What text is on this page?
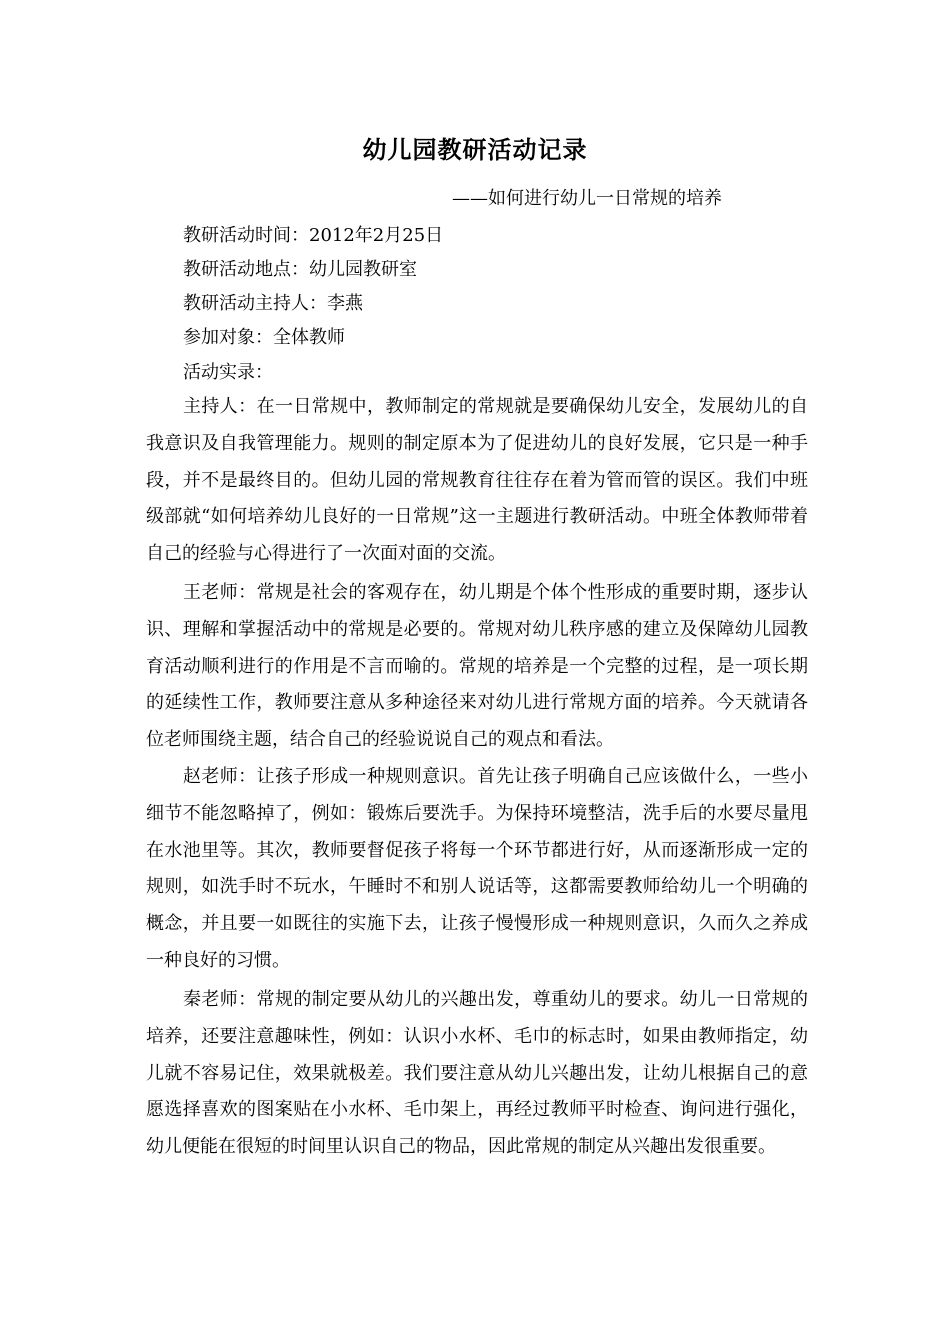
幼儿园教研活动记录
——如何进行幼儿一日常规的培养
教研活动时间：2012年2月25日
教研活动地点：幼儿园教研室
教研活动主持人：李燕
参加对象：全体教师
活动实录：

主持人：在一日常规中，教师制定的常规就是要确保幼儿安全，发展幼儿的自我意识及自我管理能力。规则的制定原本为了促进幼儿的良好发展，它只是一种手段，并不是最终目的。但幼儿园的常规教育往往存在着为管而管的误区。我们中班级部就“如何培养幼儿良好的一日常规”这一主题进行教研活动。中班全体教师带着自己的经验与心得进行了一次面对面的交流。

王老师：常规是社会的客观存在，幼儿期是个体个性形成的重要时期，逐步认识、理解和掌握活动中的常规是必要的。常规对幼儿秩序感的建立及保障幼儿园教育活动顺利进行的作用是不言而喻的。常规的培养是一个完整的过程，是一项长期的延续性工作，教师要注意从多种途径来对幼儿进行常规方面的培养。今天就请各位老师围绕主题，结合自己的经验说说自己的观点和看法。

赵老师：让孩子形成一种规则意识。首先让孩子明确自己应该做什么，一些小细节不能忽略掉了，例如：锻炼后要洗手。为保持环境整洁，洗手后的水要尽量甩在水池里等。其次，教师要督促孩子将每一个环节都进行好，从而逐渐形成一定的规则，如洗手时不玩水，午睡时不和别人说话等，这都需要教师给幼儿一个明确的概念，并且要一如既往的实施下去，让孩子慢慢形成一种规则意识，久而久之养成一种良好的习惯。

秦老师：常规的制定要从幼儿的兴趣出发，尊重幼儿的要求。幼儿一日常规的培养，还要注意趣味性，例如：认识小水杯、毛巾的标志时，如果由教师指定，幼儿就不容易记住，效果就极差。我们要注意从幼儿兴趣出发，让幼儿根据自己的意愿选择喜欢的图案贴在小水杯、毛巾架上，再经过教师平时检查、询问进行强化，幼儿便能在很短的时间里认识自己的物品，因此常规的制定从兴趣出发很重要。
